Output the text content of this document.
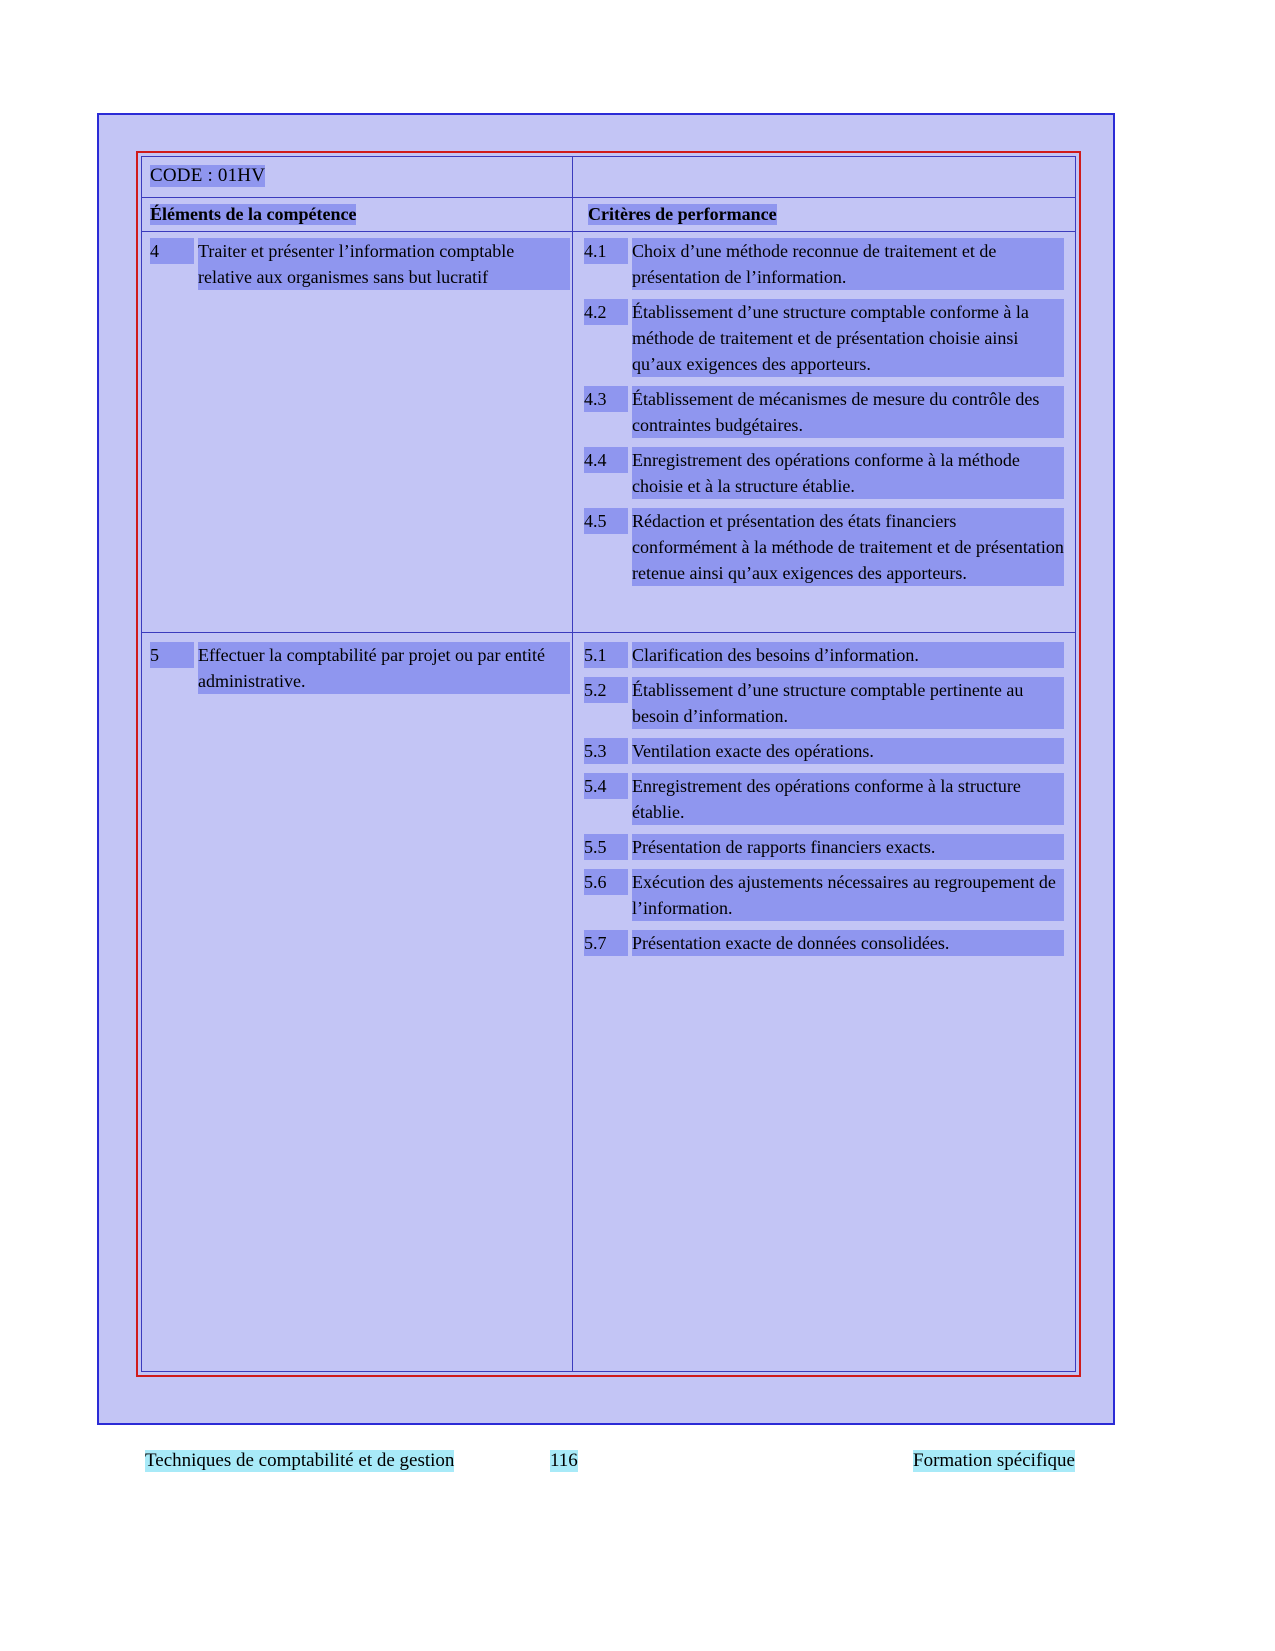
CODE : 01HV
Éléments de la compétence	Critères de performance
4	Traiter et présenter l’information comptable relative aux organismes sans but lucratif
4.1	Choix d’une méthode reconnue de traitement et de présentation de l’information.
4.2	Établissement d’une structure comptable conforme à la méthode de traitement et de présentation choisie ainsi qu’aux exigences des apporteurs.
4.3	Établissement de mécanismes de mesure du contrôle des contraintes budgétaires.
4.4	Enregistrement des opérations conforme à la méthode choisie et à la structure établie.
4.5	Rédaction et présentation des états financiers conformément à la méthode de traitement et de présentation retenue ainsi qu’aux exigences des apporteurs.
5	Effectuer la comptabilité par projet ou par entité administrative.
5.1	Clarification des besoins d’information.
5.2	Établissement d’une structure comptable pertinente au besoin d’information.
5.3	Ventilation exacte des opérations.
5.4	Enregistrement des opérations conforme à la structure établie.
5.5	Présentation de rapports financiers exacts.
5.6	Exécution des ajustements nécessaires au regroupement de l’information.
5.7	Présentation exacte de données consolidées.
Techniques de comptabilité et de gestion	116	Formation spécifique
